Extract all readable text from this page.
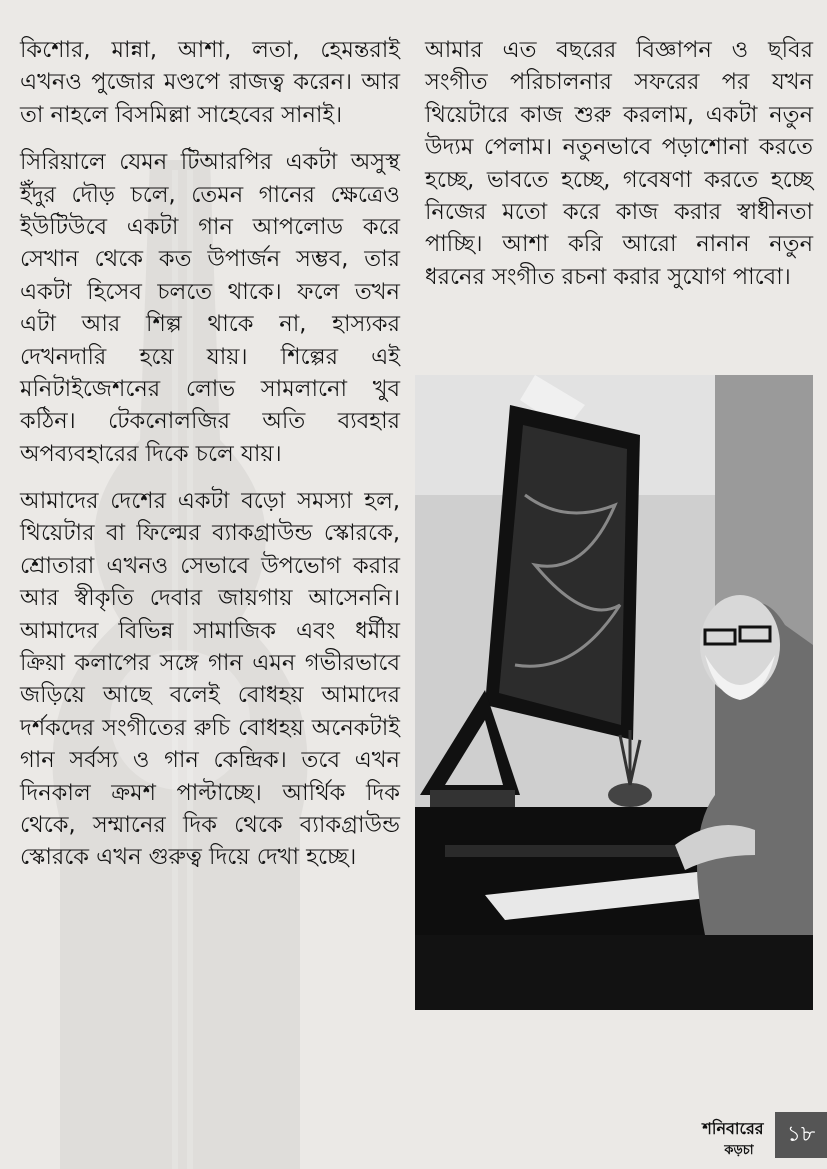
কিশোর, মান্না, আশা, লতা, হেমন্তরাই এখনও পুজোর মণ্ডপে রাজত্ব করেন। আর তা নাহলে বিসমিল্লা সাহেবের সানাই।

সিরিয়ালে যেমন টিআরপির একটা অসুস্থ ইঁদুর দৌড় চলে, তেমন গানের ক্ষেত্রেও ইউটিউবে একটা গান আপলোড করে সেখান থেকে কত উপার্জন সম্ভব, তার একটা হিসেব চলতে থাকে। ফলে তখন এটা আর শিল্প থাকে না, হাস্যকর দেখনদারি হয়ে যায়। শিল্পের এই মনিটাইজেশনের লোভ সামলানো খুব কঠিন। টেকনোলজির অতি ব্যবহার অপব্যবহারের দিকে চলে যায়।

আমাদের দেশের একটা বড়ো সমস্যা হল, থিয়েটার বা ফিল্মের ব্যাকগ্রাউন্ড স্কোরকে, শ্রোতারা এখনও সেভাবে উপভোগ করার আর স্বীকৃতি দেবার জায়গায় আসেননি। আমাদের বিভিন্ন সামাজিক এবং ধর্মীয় ক্রিয়া কলাপের সঙ্গে গান এমন গভীরভাবে জড়িয়ে আছে বলেই বোধহয় আমাদের দর্শকদের সংগীতের রুচি বোধহয় অনেকটাই গান সর্বস্য ও গান কেন্দ্রিক। তবে এখন দিনকাল ক্রমশ পাল্টাচ্ছে। আর্থিক দিক থেকে, সম্মানের দিক থেকে ব্যাকগ্রাউন্ড স্কোরকে এখন গুরুত্ব দিয়ে দেখা হচ্ছে।

আমার এত বছরের বিজ্ঞাপন ও ছবির সংগীত পরিচালনার সফরের পর যখন থিয়েটারে কাজ শুরু করলাম, একটা নতুন উদ্যম পেলাম। নতুনভাবে পড়াশোনা করতে হচ্ছে, ভাবতে হচ্ছে, গবেষণা করতে হচ্ছে নিজের মতো করে কাজ করার স্বাধীনতা পাচ্ছি। আশা করি আরো নানান নতুন ধরনের সংগীত রচনা করার সুযোগ পাবো।

শনিবারের
কড়চা
১৮
